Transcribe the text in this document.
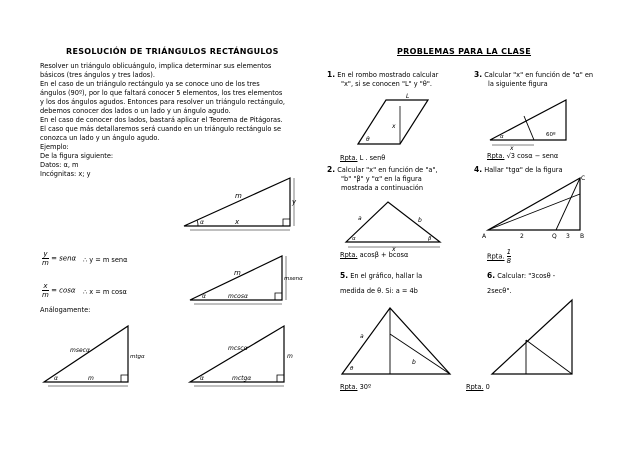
RESOLUCIÓN DE TRIÁNGULOS RECTÁNGULOS
Resolver un triángulo oblicuángulo, implica determinar sus elementos
básicos (tres ángulos y tres lados).
En el caso de un triángulo rectángulo ya se conoce uno de los tres
ángulos (90º), por lo que faltará conocer 5 elementos, los tres elementos
y los dos ángulos agudos. Entonces para resolver un triángulo rectángulo,
debemos conocer dos lados o un lado y un ángulo agudo.
En el caso de conocer dos lados, bastará aplicar el Teorema de Pitágoras.
El caso que más detallaremos será cuando en un triángulo rectángulo se
conozca un lado y un ángulo agudo.
Ejemplo:
De la figura siguiente:
Datos: α, m
Incógnitas: x; y
α
m
x
y
$\frac{y}{m} = sen\alpha$ ∴ y = m senα
$\frac{x}{m} = \cos\alpha$ ∴ x = m cosα
α
m
mcosα
msenα
Análogamente:
α
msecα
m
mtgα
α
mcscα
mctgα
m
PROBLEMAS PARA LA CLASE
1. En el rombo mostrado calcular
"x", si se conocen "L" y "θ".
L
x
θ
Rpta. L . senθ
2. Calcular "x" en función de "a",
"b" "β" y "α" en la figura
mostrada a continuación
a	b
x
α	β
Rpta. acosβ + bcosα
5. En el gráfico, hallar la
medida de θ. Si: a = 4b
a
b
θ
Rpta. 30º
3. Calcular "x" en función de "α" en
la siguiente figura
60º
α
x
Rpta. √3 cosα − senα
4. Hallar "tgα" de la figura
A	B
C
Q
2	3
Rpta. $\frac{1}{8}$
6. Calcular: "3cosθ -
2secθ".
Rpta. 0
